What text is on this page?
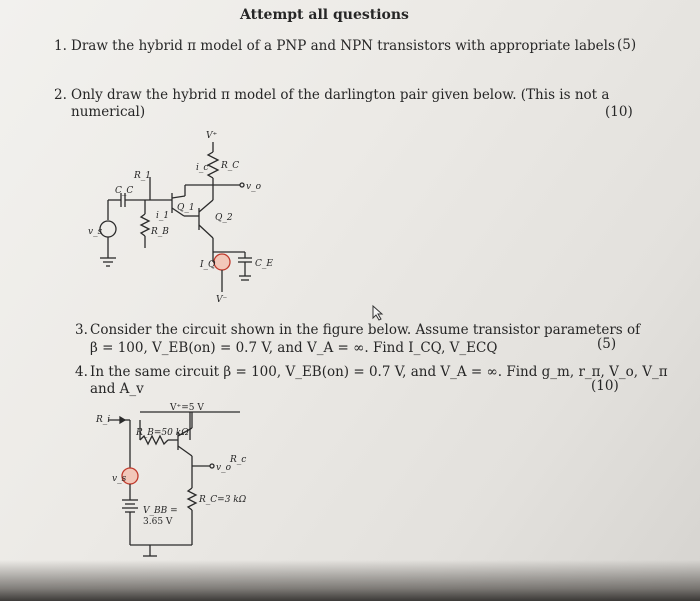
Attempt all questions
1. Draw the hybrid π model of a PNP and NPN transistors with appropriate labels (5)
2. Only draw the hybrid π model of the darlington pair given below. (This is not a
numerical)	(10)
V⁺
R_C
v_o
i_c
R_1
C_C
Q_1
Q_2
i_1
R_B
v_s
I_Q	C_E
V⁻
3. Consider the circuit shown in the figure below. Assume transistor parameters of
β = 100, V_EB(on) = 0.7 V, and V_A = ∞. Find I_CQ, V_ECQ	(5)
4. In the same circuit β = 100, V_EB(on) = 0.7 V, and V_A = ∞. Find g_m, r_π, V_o, V_π
and A_v	(10)
V⁺=5 V
R_i
R_B=50 kΩ
R_c
v_o
v_s
R_C=3 kΩ
V_BB =
3.65 V
